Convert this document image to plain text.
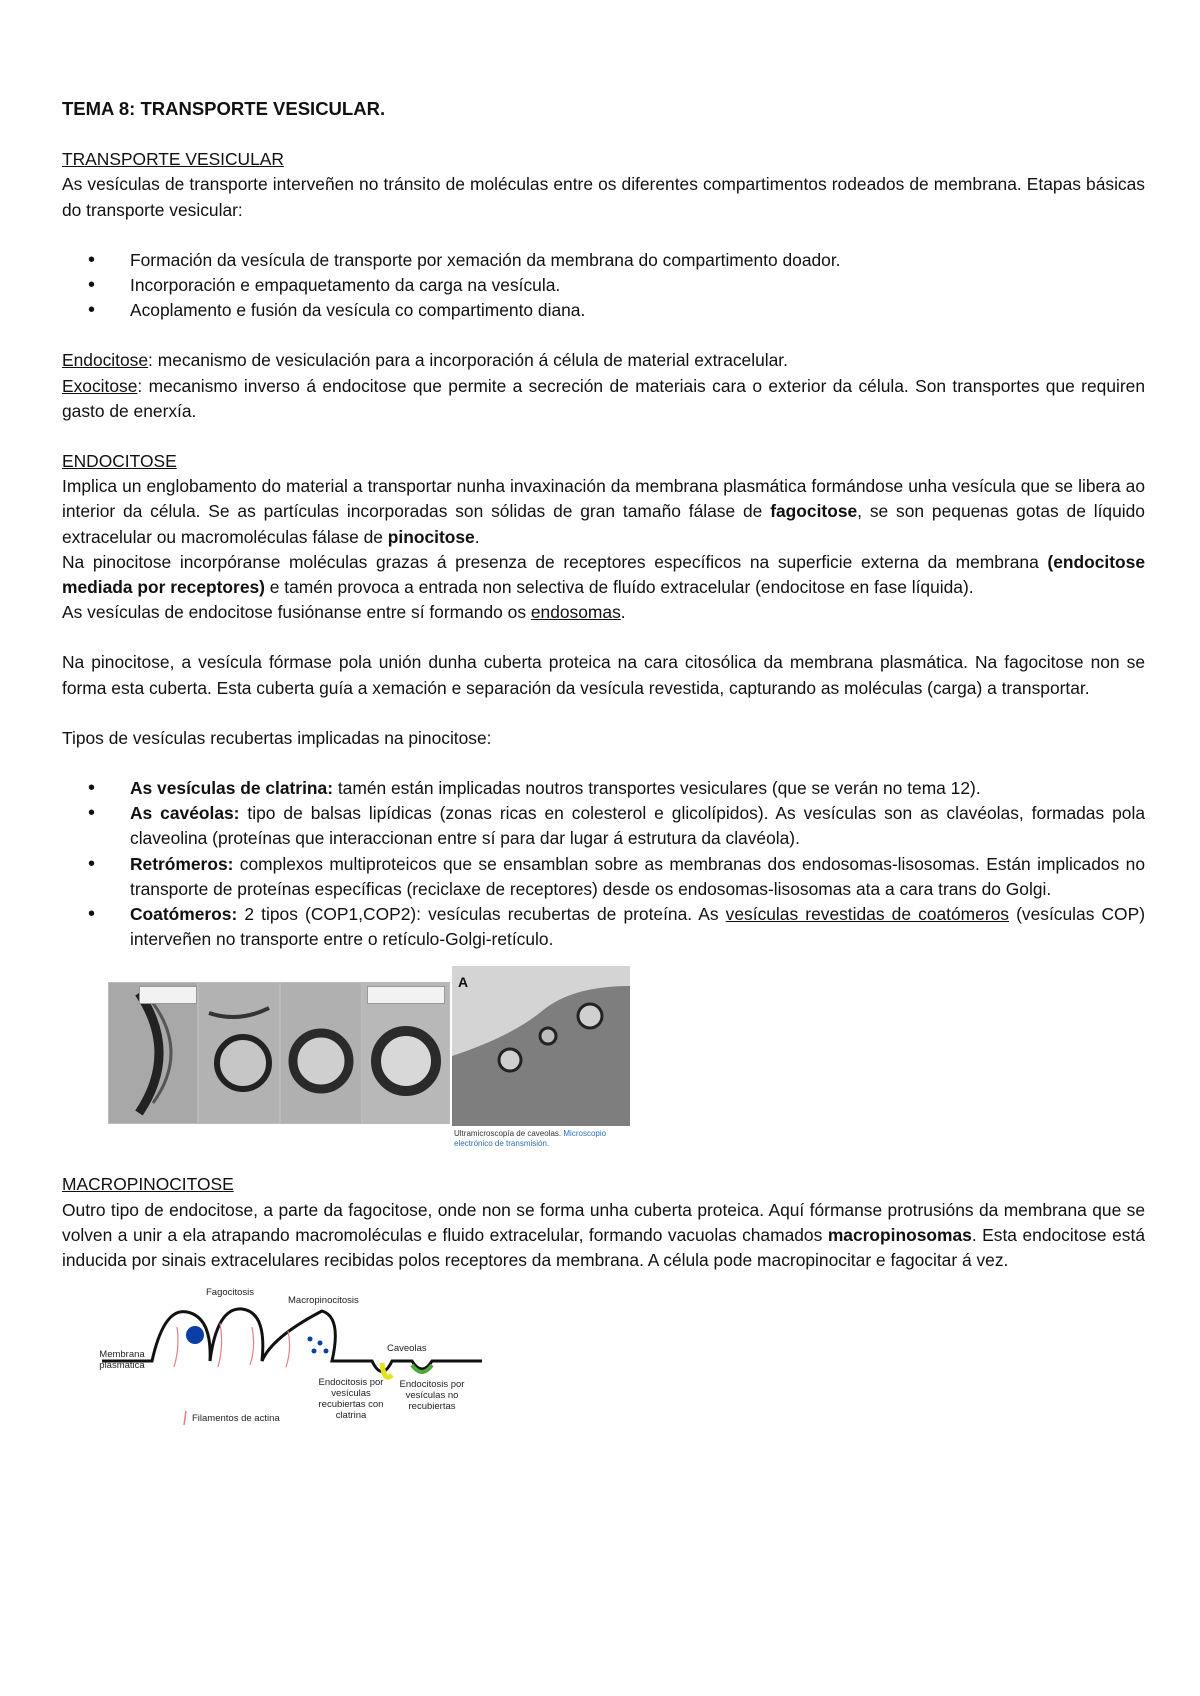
TEMA 8: TRANSPORTE VESICULAR.
TRANSPORTE VESICULAR

As vesículas de transporte interveñen no tránsito de moléculas entre os diferentes compartimentos rodeados de membrana. Etapas básicas do transporte vesicular:

• Formación da vesícula de transporte por xemación da membrana do compartimento doador.
• Incorporación e empaquetamento da carga na vesícula.
• Acoplamento e fusión da vesícula co compartimento diana.

Endocitose: mecanismo de vesiculación para a incorporación á célula de material extracelular.

Exocitose: mecanismo inverso á endocitose que permite a secreción de materiais cara o exterior da célula. Son transportes que requiren gasto de enerxía.

ENDOCITOSE

Implica un englobamento do material a transportar nunha invaxinación da membrana plasmática formándose unha vesícula que se libera ao interior da célula. Se as partículas incorporadas son sólidas de gran tamaño fálase de fagocitose, se son pequenas gotas de líquido extracelular ou macromoléculas fálase de pinocitose.

Na pinocitose incorpóranse moléculas grazas á presenza de receptores específicos na superficie externa da membrana (endocitose mediada por receptores) e tamén provoca a entrada non selectiva de fluído extracelular (endocitose en fase líquida).

As vesículas de endocitose fusiónanse entre sí formando os endosomas.

Na pinocitose, a vesícula fórmase pola unión dunha cuberta proteica na cara citosólica da membrana plasmática. Na fagocitose non se forma esta cuberta. Esta cuberta guía a xemación e separación da vesícula revestida, capturando as moléculas (carga) a transportar.

Tipos de vesículas recubertas implicadas na pinocitose:

• As vesículas de clatrina: tamén están implicadas noutros transportes vesiculares (que se verán no tema 12).
• As cavéolas: tipo de balsas lipídicas (zonas ricas en colesterol e glicolípidos). As vesículas son as clavéolas, formadas pola claveolina (proteínas que interaccionan entre sí para dar lugar á estrutura da clavéola).
• Retrómeros: complexos multiproteicos que se ensamblan sobre as membranas dos endosomas-lisosomas. Están implicados no transporte de proteínas específicas (reciclaxe de receptores) desde os endosomas-lisosomas ata a cara trans do Golgi.
• Coatómeros: 2 tipos (COP1,COP2): vesículas recubertas de proteína. As vesículas revestidas de coatómeros (vesículas COP) interveñen no transporte entre o retículo-Golgi-retículo.
A
Ultramicroscopía de caveolas. Microscopio electrónico de transmisión.
MACROPINOCITOSE

Outro tipo de endocitose, a parte da fagocitose, onde non se forma unha cuberta proteica. Aquí fórmanse protrusións da membrana que se volven a unir a ela atrapando macromoléculas e fluido extracelular, formando vacuolas chamados macropinosomas. Esta endocitose está inducida por sinais extracelulares recibidas polos receptores da membrana. A célula pode macropinocitar e fagocitar á vez.

Fagocitosis
Macropinocitosis
Membrana plasmática
Caveolas
Endocitosis por vesículas recubiertas con clatrina
Endocitosis por vesículas no recubiertas
Filamentos de actina
